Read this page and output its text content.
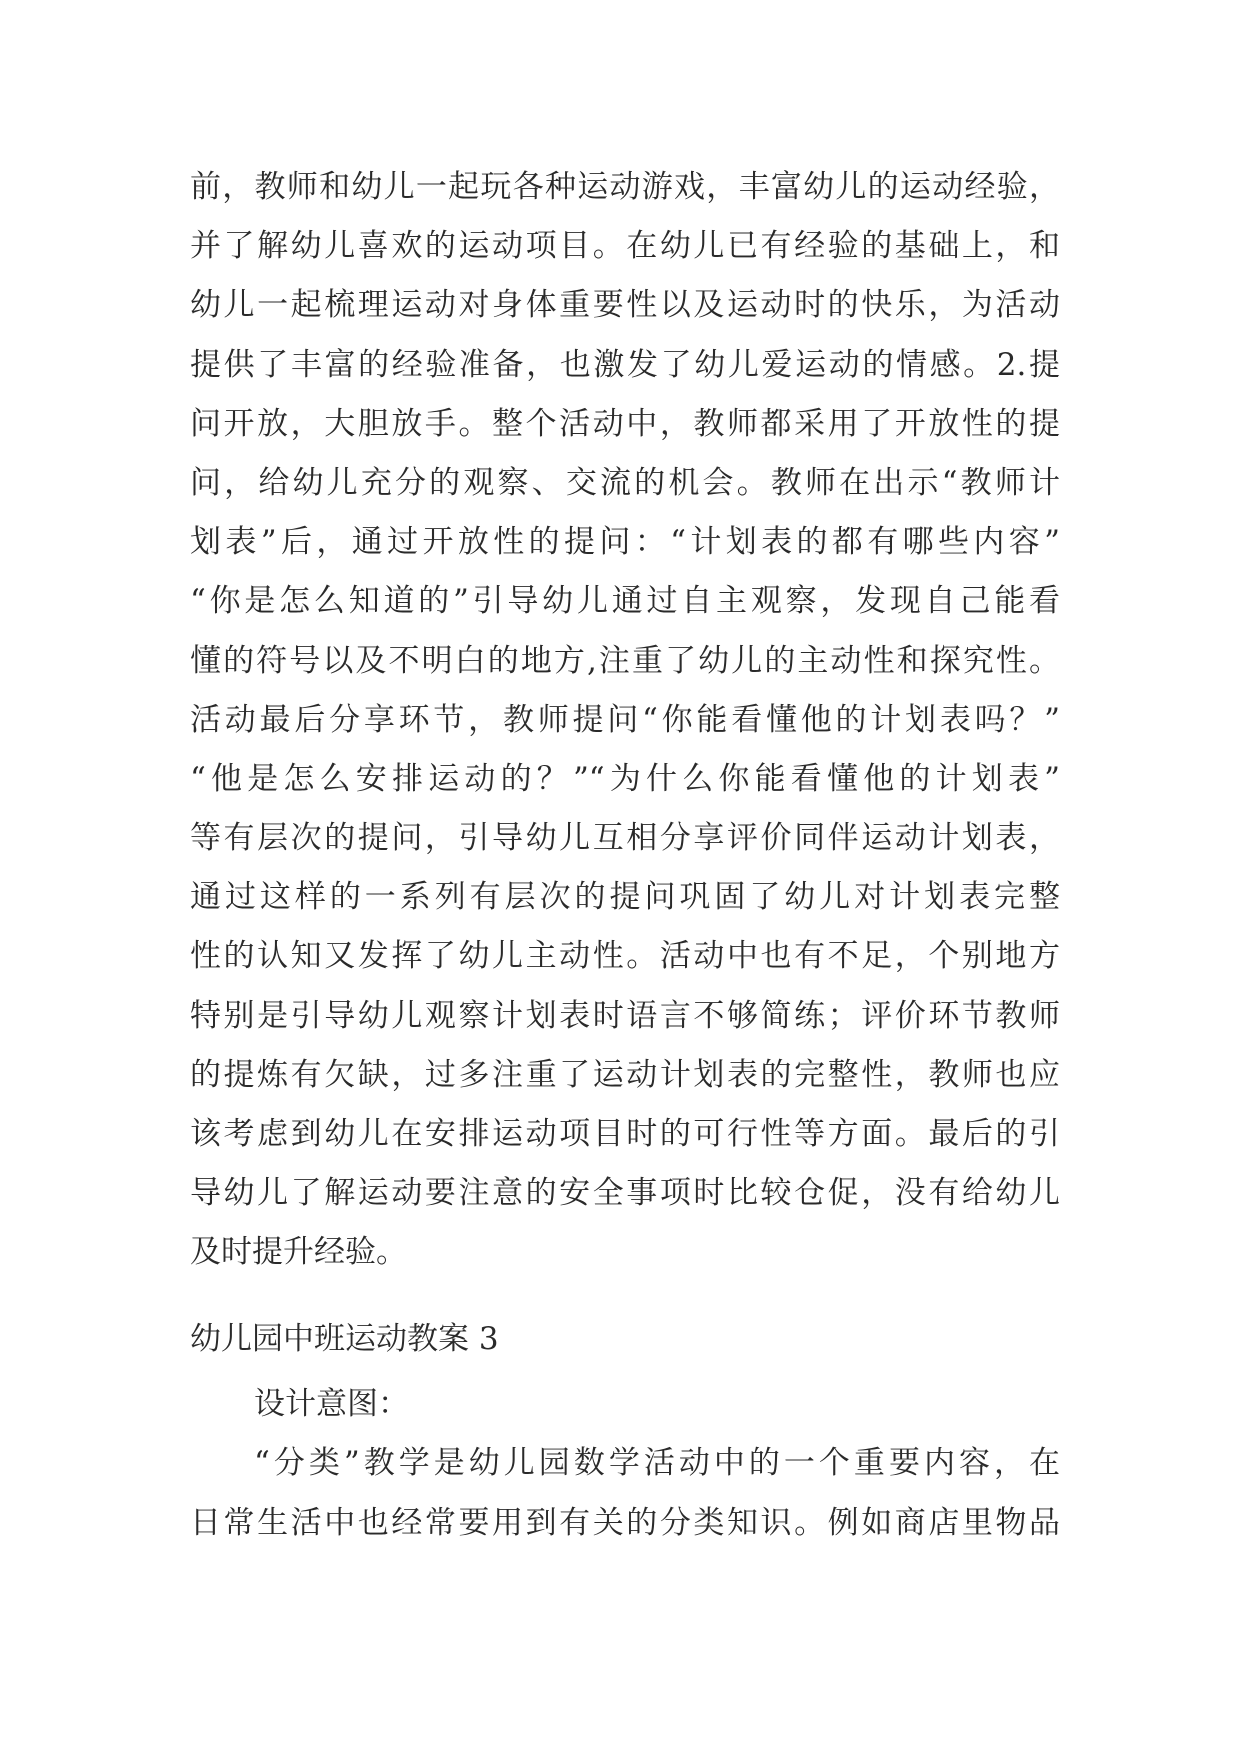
前，教师和幼儿一起玩各种运动游戏，丰富幼儿的运动经验，
并了解幼儿喜欢的运动项目。在幼儿已有经验的基础上，和
幼儿一起梳理运动对身体重要性以及运动时的快乐，为活动
提供了丰富的经验准备，也激发了幼儿爱运动的情感。2.提
问开放，大胆放手。整个活动中，教师都采用了开放性的提
问，给幼儿充分的观察、交流的机会。教师在出示“教师计
划表”后，通过开放性的提问：“计划表的都有哪些内容”
“你是怎么知道的”引导幼儿通过自主观察，发现自己能看
懂的符号以及不明白的地方,注重了幼儿的主动性和探究性。
活动最后分享环节，教师提问“你能看懂他的计划表吗？”
“他是怎么安排运动的？”“为什么你能看懂他的计划表”
等有层次的提问，引导幼儿互相分享评价同伴运动计划表，
通过这样的一系列有层次的提问巩固了幼儿对计划表完整
性的认知又发挥了幼儿主动性。活动中也有不足，个别地方
特别是引导幼儿观察计划表时语言不够简练；评价环节教师
的提炼有欠缺，过多注重了运动计划表的完整性，教师也应
该考虑到幼儿在安排运动项目时的可行性等方面。最后的引
导幼儿了解运动要注意的安全事项时比较仓促，没有给幼儿
及时提升经验。
幼儿园中班运动教案 3
设计意图：
“分类”教学是幼儿园数学活动中的一个重要内容，在
日常生活中也经常要用到有关的分类知识。例如商店里物品
